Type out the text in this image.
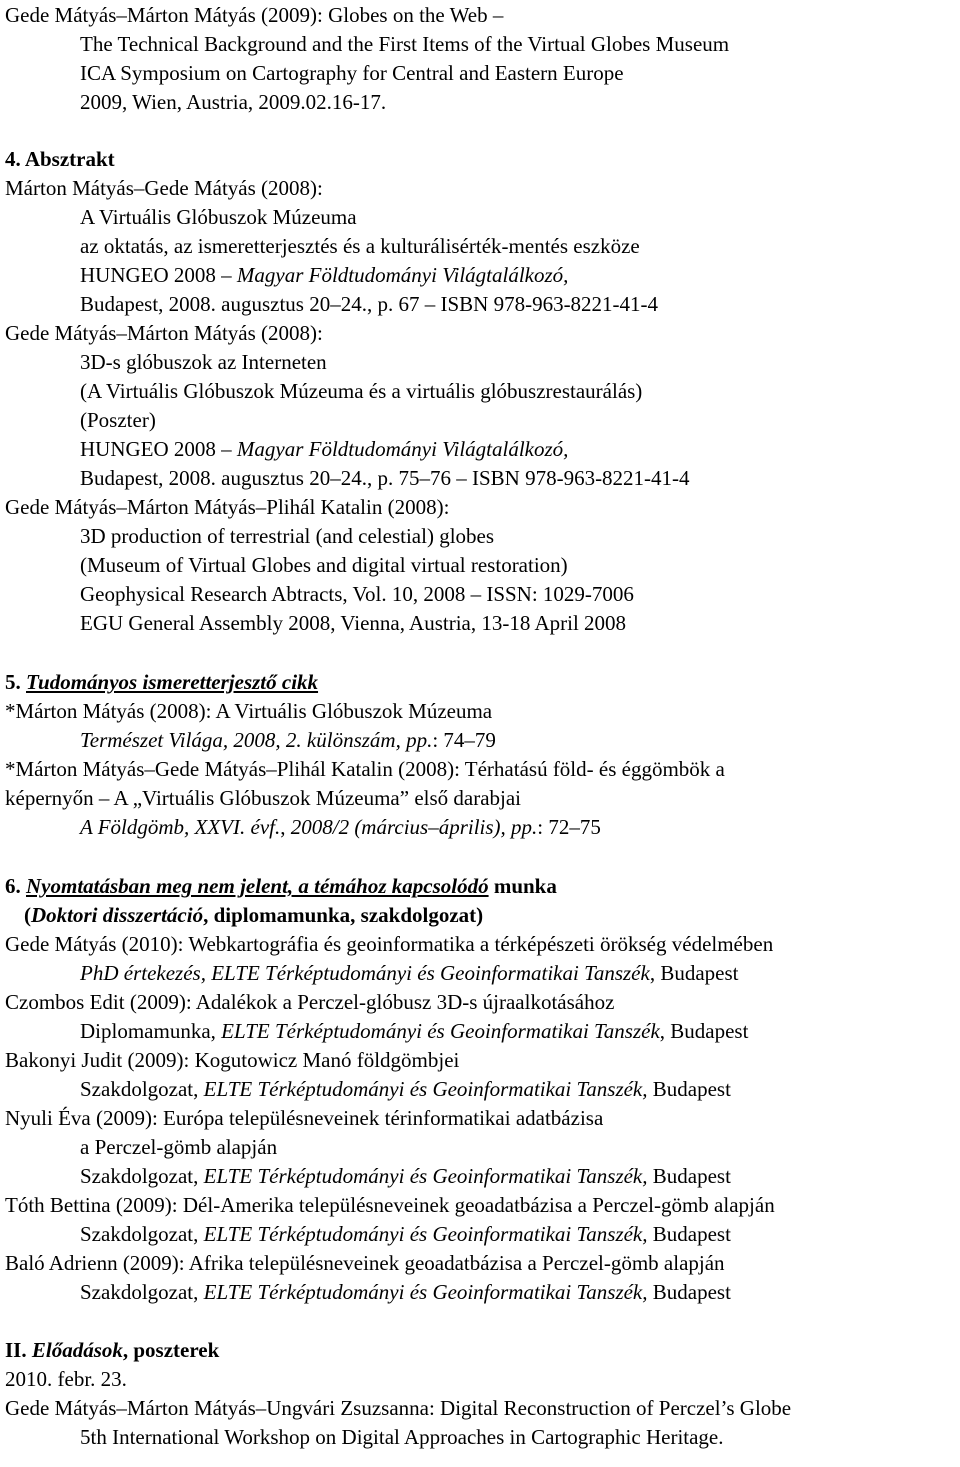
Gede Mátyás–Márton Mátyás (2009): Globes on the Web –
The Technical Background and the First Items of the Virtual Globes Museum
ICA Symposium on Cartography for Central and Eastern Europe
2009, Wien, Austria, 2009.02.16-17.
4. Absztrakt
Márton Mátyás–Gede Mátyás (2008):
A Virtuális Glóbuszok Múzeuma
az oktatás, az ismeretterjesztés és a kulturálisérték-mentés eszköze
HUNGEO 2008 – Magyar Földtudományi Világtalálkozó,
Budapest, 2008. augusztus 20–24., p. 67 – ISBN 978-963-8221-41-4
Gede Mátyás–Márton Mátyás (2008):
3D-s glóbuszok az Interneten
(A Virtuális Glóbuszok Múzeuma és a virtuális glóbuszrestaurálás)
(Poszter)
HUNGEO 2008 – Magyar Földtudományi Világtalálkozó,
Budapest, 2008. augusztus 20–24., p. 75–76 – ISBN 978-963-8221-41-4
Gede Mátyás–Márton Mátyás–Plihál Katalin (2008):
3D production of terrestrial (and celestial) globes
(Museum of Virtual Globes and digital virtual restoration)
Geophysical Research Abtracts, Vol. 10, 2008 – ISSN: 1029-7006
EGU General Assembly 2008, Vienna, Austria, 13-18 April 2008
5. Tudományos ismeretterjesztő cikk
*Márton Mátyás (2008): A Virtuális Glóbuszok Múzeuma
Természet Világa, 2008, 2. különszám, pp.: 74–79
*Márton Mátyás–Gede Mátyás–Plihál Katalin (2008): Térhatású föld- és éggömbök a
képernyőn – A „Virtuális Glóbuszok Múzeuma” első darabjai
A Földgömb, XXVI. évf., 2008/2 (március–április), pp.: 72–75
6. Nyomtatásban meg nem jelent, a témához kapcsolódó munka
(Doktori disszertáció, diplomamunka, szakdolgozat)
Gede Mátyás (2010): Webkartográfia és geoinformatika a térképészeti örökség védelmében
PhD értekezés, ELTE Térképtudományi és Geoinformatikai Tanszék, Budapest
Czombos Edit (2009): Adalékok a Perczel-glóbusz 3D-s újraalkotásához
Diplomamunka, ELTE Térképtudományi és Geoinformatikai Tanszék, Budapest
Bakonyi Judit (2009): Kogutowicz Manó földgömbjei
Szakdolgozat, ELTE Térképtudományi és Geoinformatikai Tanszék, Budapest
Nyuli Éva (2009): Európa településneveinek térinformatikai adatbázisa
a Perczel-gömb alapján
Szakdolgozat, ELTE Térképtudományi és Geoinformatikai Tanszék, Budapest
Tóth Bettina (2009): Dél-Amerika településneveinek geoadatbázisa a Perczel-gömb alapján
Szakdolgozat, ELTE Térképtudományi és Geoinformatikai Tanszék, Budapest
Baló Adrienn (2009): Afrika településneveinek geoadatbázisa a Perczel-gömb alapján
Szakdolgozat, ELTE Térképtudományi és Geoinformatikai Tanszék, Budapest
II. Előadások, poszterek
2010. febr. 23.
Gede Mátyás–Márton Mátyás–Ungvári Zsuzsanna: Digital Reconstruction of Perczel’s Globe
5th International Workshop on Digital Approaches in Cartographic Heritage.
